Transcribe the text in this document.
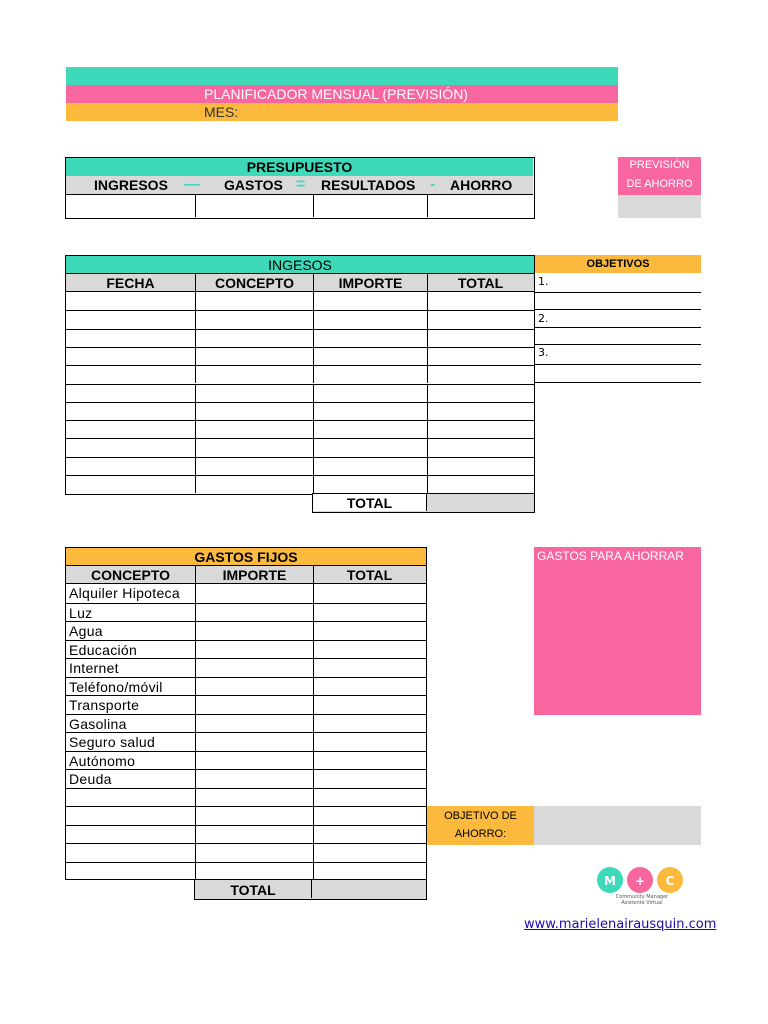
PLANIFICADOR MENSUAL (PREVISIÓN)
MES:
PRESUPUESTO
INGRESOS — GASTOS = RESULTADOS - AHORRO
PREVISIÓN
DE AHORRO
INGESOS
FECHA	CONCEPTO	IMPORTE	TOTAL
TOTAL
OBJETIVOS
1.
2.
3.
GASTOS FIJOS
CONCEPTO	IMPORTE	TOTAL
Alquiler Hipoteca
Luz
Agua
Educación
Internet
Teléfono/móvil
Transporte
Gasolina
Seguro salud
Autónomo
Deuda
TOTAL
GASTOS PARA AHORRAR
OBJETIVO DE
AHORRO:
M + C
Community Manager
Asistente Virtual
www.marielenairausquin.com
